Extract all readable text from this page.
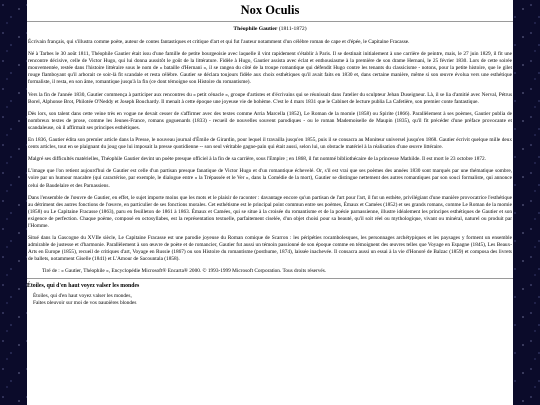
Nox Oculis
Théophile Gautier (1811-1872)

Écrivain français, qui s'illustra comme poète, auteur de contes fantastiques et critique d'art et qui fut l'auteur notamment d'un célèbre roman de cape et d'épée, le Capitaine Fracasse.

Né à Tarbes le 30 août 1811, Théophile Gautier était issu d'une famille de petite bourgeoisie avec laquelle il vint rapidement s'établir à Paris. Il se destinait initialement à une carrière de peintre, mais, le 27 juin 1829, il fit une rencontre décisive, celle de Victor Hugo, qui lui donna aussitôt le goût de la littérature. Fidèle à Hugo, Gautier assista avec éclat et enthousiasme à la première de son drame Hernani, le 25 février 1830. Lors de cette soirée mouvementée, restée dans l'histoire littéraire sous le nom de « bataille d'Hernani », il se rangea du côté de la troupe romantique qui défendit Hugo contre les tenants du classicisme - notons, pour la petite histoire, que le gilet rouge flamboyant qu'il arborait ce soir-là fit scandale et resta célèbre. Gautier se déclara toujours fidèle aux choix esthétiques qu'il avait faits en 1830 et, dans certaine manière, même si son œuvre évolua vers une esthétique formaliste, il resta, en son âme, romantique jusqu'à la fin (ce dont témoigne son Histoire du romantisme).

Vers la fin de l'année 1830, Gautier commença à participer aux rencontres du « petit cénacle », groupe d'artistes et d'écrivains qui se réunissait dans l'atelier du sculpteur Jehan Duseigneur. Là, il se lia d'amitié avec Nerval, Pétrus Borel, Alphonse Brot, Philotée O'Neddy et Joseph Bouchardy. Il menait à cette époque une joyeuse vie de bohème. C'est le 4 mars 1831 que le Cabinet de lecture publia La Cafetière, son premier conte fantastique.

Dès lors, son talent dans cette veine très en vogue ne devait cesser de s'affirmer avec des textes comme Arria Marcella (1852), Le Roman de la momie (1858) ou Spirite (1866). Parallèlement à ses poèmes, Gautier publia de nombreux textes de prose, comme les Jeunes-France, romans goguenards (1833) - recueil de nouvelles souvent parodiques - ou le roman Mademoiselle de Maupin (1835), qu'il fit précéder d'une préface provocante et scandaleuse, où il affirmait ses principes esthétiques.

En 1836, Gautier édita son premier article dans la Presse, le nouveau journal d'Émile de Girardin, pour lequel il travailla jusqu'en 1855, puis il se consacra au Moniteur universel jusqu'en 1868. Gautier écrivit quelque mille deux cents articles, tout en se plaignant du joug que lui imposait la presse quotidienne -- son seul véritable gagne-pain qui était aussi, selon lui, un obstacle matériel à la réalisation d'une œuvre littéraire.

Malgré ses difficultés matérielles, Théophile Gautier devint un poète presque officiel à la fin de sa carrière, sous l'Empire ; en 1868, il fut nommé bibliothécaire de la princesse Mathilde. Il est mort le 23 octobre 1872.

L'image que l'on retient aujourd'hui de Gautier est celle d'un partisan presque fanatique de Victor Hugo et d'un romantique échevelé. Or, s'il est vrai que ses poèmes des années 1830 sont marqués par une thématique sombre, voire par un humour macabre (qui caractérise, par exemple, le dialogue entre « la Trépassée et le Ver », dans la Comédie de la mort), Gautier se distingue nettement des autres romantiques par son souci formaliste, qui annonce celui de Baudelaire et des Parnassiens.

Dans l'ensemble de l'œuvre de Gautier, en effet, le sujet importe moins que les mots et le plaisir de raconter : davantage encore qu'un partisan de l'art pour l'art, il fut un esthète, privilégiant d'une manière provocatrice l'esthétique au détriment des autres fonctions de l'œuvre, en particulier de ses fonctions morales. Cet esthétisme est le principal point commun entre ses poèmes, Émaux et Camées (1852) et ses grands romans, comme Le Roman de la momie (1858) ou Le Capitaine Fracasse (1863), paru en feuilleton de 1861 à 1863. Émaux et Camées, qui se situe à la croisée du romantisme et de la poésie parnassienne, illustre idéalement les principes esthétiques de Gautier et son exigence de perfection. Chaque poème, composé en octosyllabes, est la représentation textuelle, parfaitement ciselée, d'un objet choisi pour sa beauté, qu'il soit réel ou mythologique, vivant ou minéral, naturel ou produit par l'Homme.

Situé dans la Gascogne du XVIIe siècle, Le Capitaine Fracasse est une parodie joyeuse du Roman comique de Scarron : les péripéties rocambolesques, les personnages archétypiques et les paysages y forment un ensemble admirable de justesse et d'harmonie. Parallèlement à son œuvre de poète et de romancier, Gautier fut aussi un témoin passionné de son époque comme en témoignent des œuvres telles que Voyage en Espagne (1845), Les Beaux-Arts en Europe (1855), recueil de critiques d'art, Voyage en Russie (1867) ou son Histoire du romantisme (posthume, 1874), laissée inachevée. Il consacra aussi un essai à la vie d'Honoré de Balzac (1859) et composa des livrets de ballets, notamment Giselle (1841) et L'Amour de Sacountala (1858).

Tiré de : « Gautier, Théophile », Encyclopédie Microsoft® Encarta® 2000. © 1993-1999 Microsoft Corporation. Tous droits réservés.
Étoiles, qui d'en haut voyez valser les mondes
Étoiles, qui d'en haut voyez valser les mondes,
Faites pleuvoir sur moi de vos paupières blondes
